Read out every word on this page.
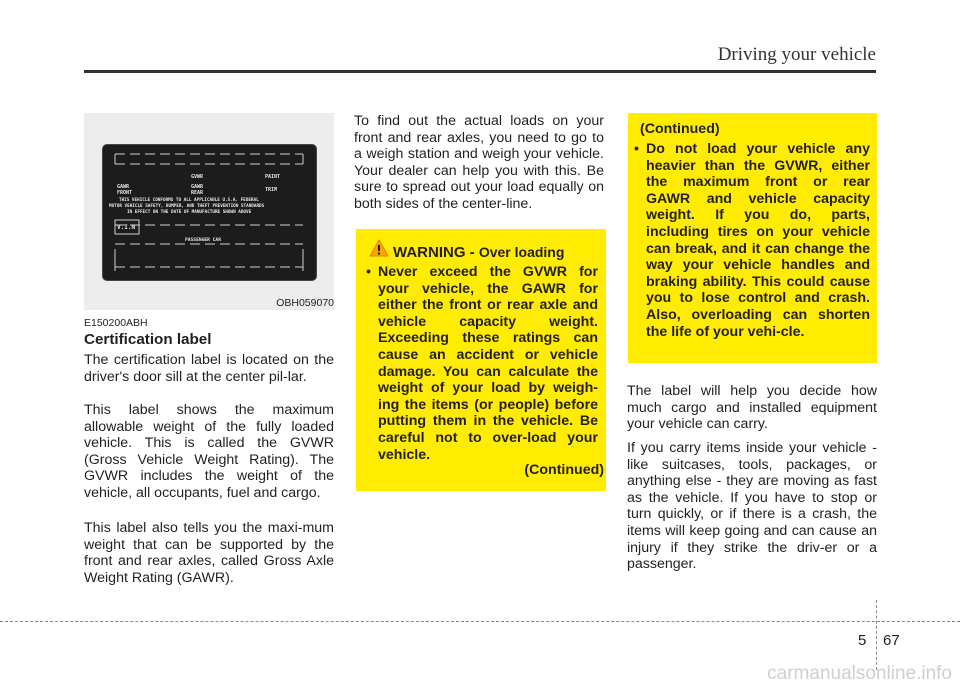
Driving your vehicle
GVWR	PAINT
GAWR
FRONT
GAWR
REAR	TRIM
THIS VEHICLE CONFORMS TO ALL APPLICABLE U.S.A. FEDERAL
MOTOR VEHICLE SAFETY, BUMPER, AND THEFT PREVENTION STANDARDS
IN EFFECT ON THE DATE OF MANUFACTURE SHOWN ABOVE
V.I.N
PASSENGER CAR
OBH059070
E150200ABH
Certification label
The certification label is located on the driver's door sill at the center pil-lar.
This label shows the maximum allowable weight of the fully loaded vehicle. This is called the GVWR (Gross Vehicle Weight Rating). The GVWR includes the weight of the vehicle, all occupants, fuel and cargo.
This label also tells you the maxi-mum weight that can be supported by the front and rear axles, called Gross Axle Weight Rating (GAWR).
To find out the actual loads on your front and rear axles, you need to go to a weigh station and weigh your vehicle. Your dealer can help you with this. Be sure to spread out your load equally on both sides of the center-line.
WARNING - Over loading
• Never exceed the GVWR for your vehicle, the GAWR for either the front or rear axle and vehicle capacity weight. Exceeding these ratings can cause an accident or vehicle damage. You can calculate the weight of your load by weigh-ing the items (or people) before putting them in the vehicle. Be careful not to over-load your vehicle.
(Continued)
(Continued)
• Do not load your vehicle any heavier than the GVWR, either the maximum front or rear GAWR and vehicle capacity weight. If you do, parts, including tires on your vehicle can break, and it can change the way your vehicle handles and braking ability. This could cause you to lose control and crash. Also, overloading can shorten the life of your vehi-cle.
The label will help you decide how much cargo and installed equipment your vehicle can carry.
If you carry items inside your vehicle - like suitcases, tools, packages, or anything else - they are moving as fast as the vehicle. If you have to stop or turn quickly, or if there is a crash, the items will keep going and can cause an injury if they strike the driv-er or a passenger.
5 67
carmanualsonline.info
